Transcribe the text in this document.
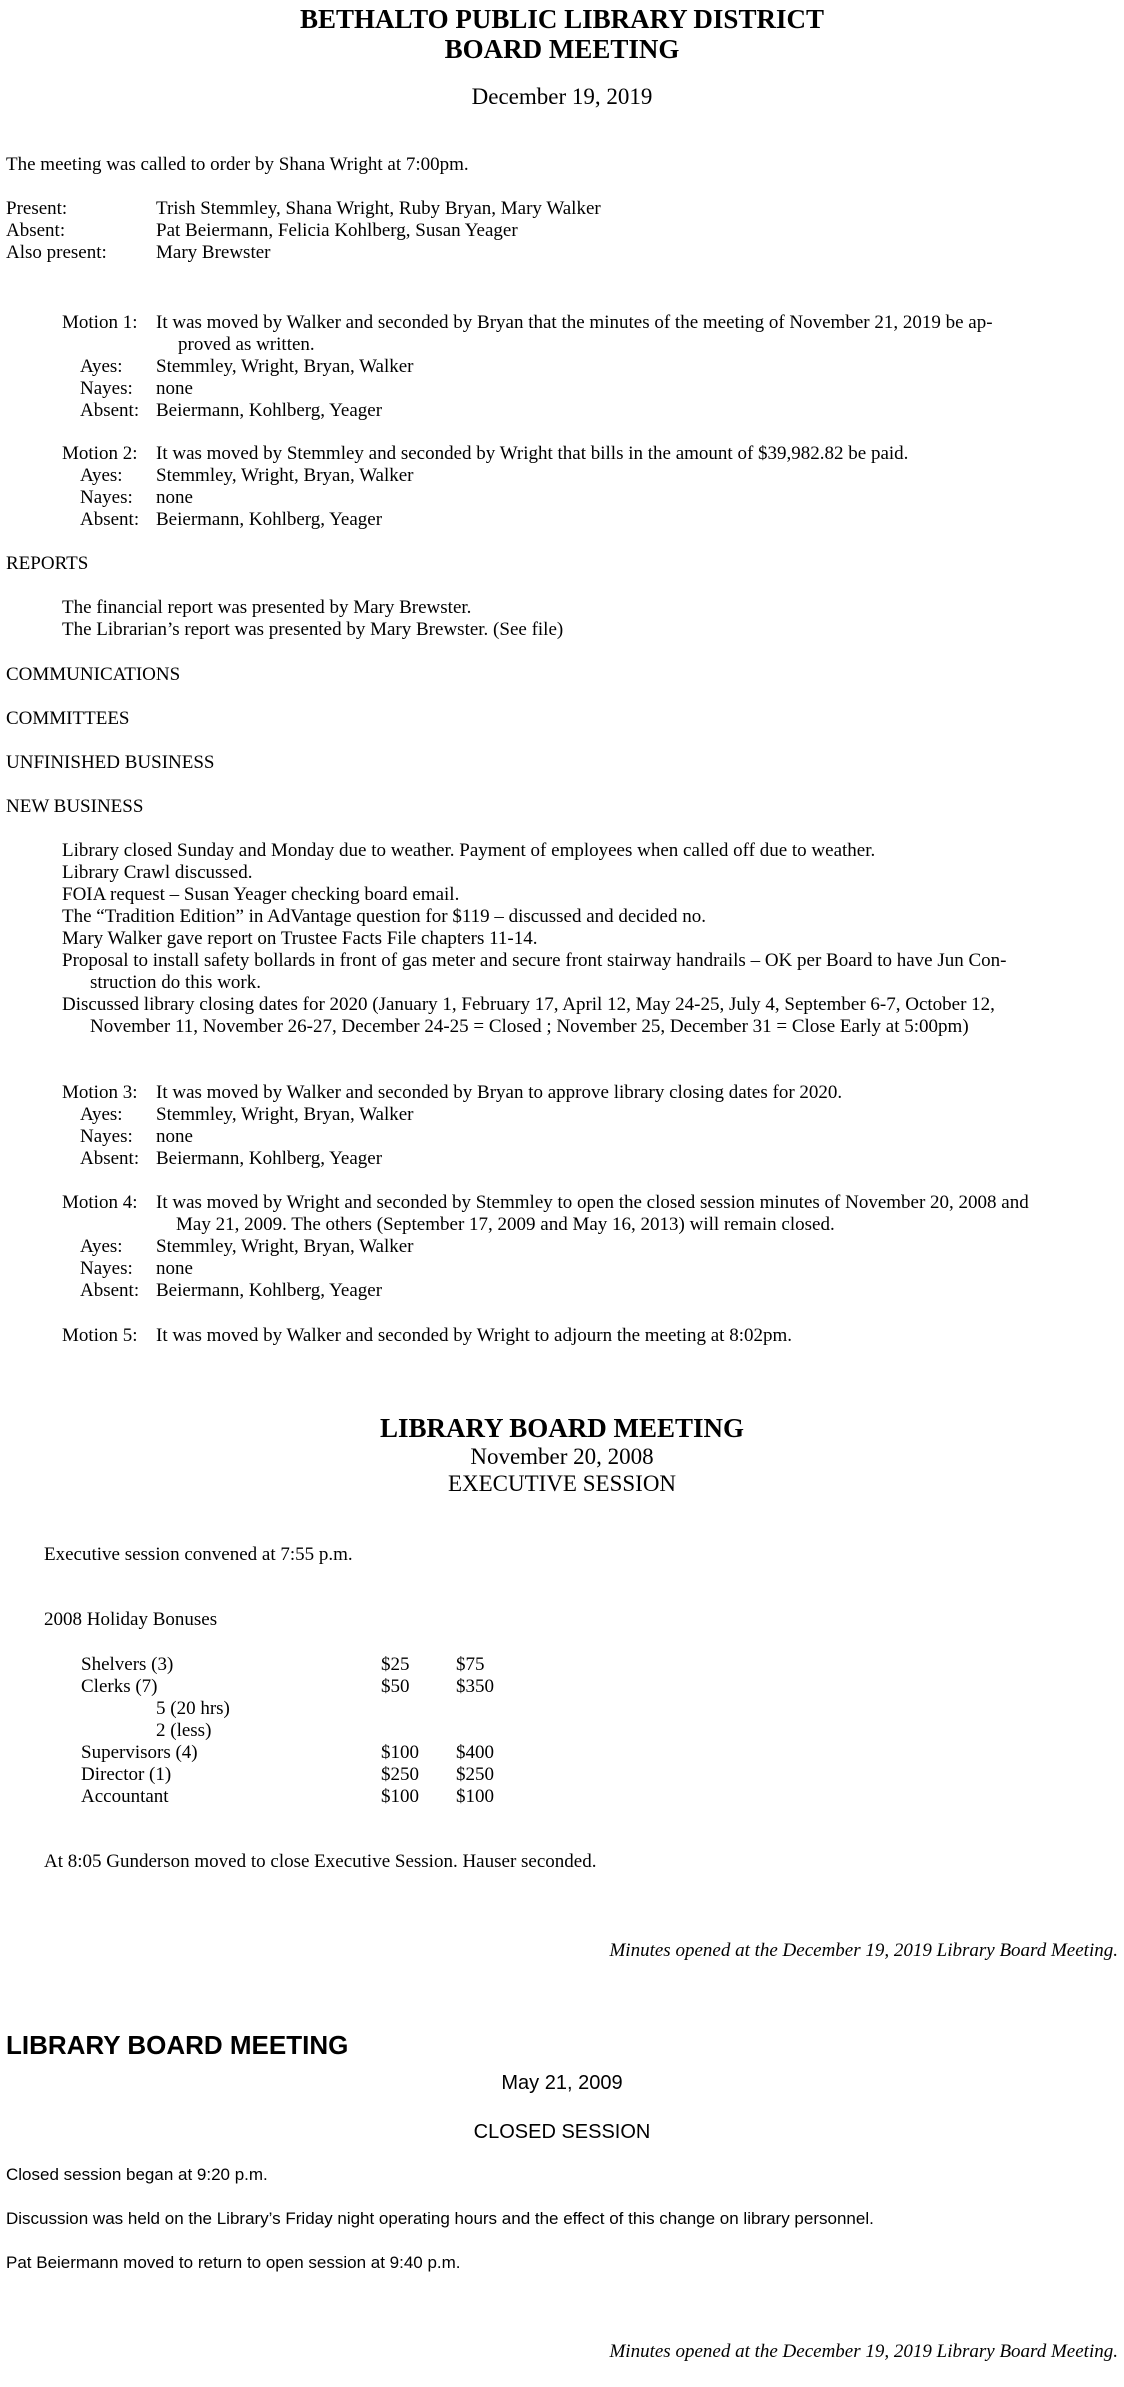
BETHALTO PUBLIC LIBRARY DISTRICT
BOARD MEETING
December 19, 2019
The meeting was called to order by Shana Wright at 7:00pm.
Present:	Trish Stemmley, Shana Wright, Ruby Bryan, Mary Walker
Absent:	Pat Beiermann, Felicia Kohlberg, Susan Yeager
Also present:	Mary Brewster
Motion 1: It was moved by Walker and seconded by Bryan that the minutes of the meeting of November 21, 2019 be ap-
proved as written.
Ayes: Stemmley, Wright, Bryan, Walker
Nayes: none
Absent: Beiermann, Kohlberg, Yeager
Motion 2: It was moved by Stemmley and seconded by Wright that bills in the amount of $39,982.82 be paid.
Ayes: Stemmley, Wright, Bryan, Walker
Nayes: none
Absent: Beiermann, Kohlberg, Yeager
REPORTS
The financial report was presented by Mary Brewster.
The Librarian’s report was presented by Mary Brewster. (See file)
COMMUNICATIONS
COMMITTEES
UNFINISHED BUSINESS
NEW BUSINESS
Library closed Sunday and Monday due to weather. Payment of employees when called off due to weather.
Library Crawl discussed.
FOIA request – Susan Yeager checking board email.
The “Tradition Edition” in AdVantage question for $119 – discussed and decided no.
Mary Walker gave report on Trustee Facts File chapters 11-14.
Proposal to install safety bollards in front of gas meter and secure front stairway handrails – OK per Board to have Jun Con-
struction do this work.
Discussed library closing dates for 2020 (January 1, February 17, April 12, May 24-25, July 4, September 6-7, October 12,
November 11, November 26-27, December 24-25 = Closed ; November 25, December 31 = Close Early at 5:00pm)
Motion 3: It was moved by Walker and seconded by Bryan to approve library closing dates for 2020.
Ayes: Stemmley, Wright, Bryan, Walker
Nayes: none
Absent: Beiermann, Kohlberg, Yeager
Motion 4: It was moved by Wright and seconded by Stemmley to open the closed session minutes of November 20, 2008 and
May 21, 2009. The others (September 17, 2009 and May 16, 2013) will remain closed.
Ayes: Stemmley, Wright, Bryan, Walker
Nayes: none
Absent: Beiermann, Kohlberg, Yeager
Motion 5: It was moved by Walker and seconded by Wright to adjourn the meeting at 8:02pm.
LIBRARY BOARD MEETING
November 20, 2008
EXECUTIVE SESSION
Executive session convened at 7:55 p.m.
2008 Holiday Bonuses
Shelvers (3)	$25 $75
Clerks (7)	$50 $350
5 (20 hrs)
2 (less)
Supervisors (4)	$100 $400
Director (1)	$250 $250
Accountant	$100 $100
At 8:05 Gunderson moved to close Executive Session. Hauser seconded.
Minutes opened at the December 19, 2019 Library Board Meeting.
LIBRARY BOARD MEETING
May 21, 2009
CLOSED SESSION
Closed session began at 9:20 p.m.
Discussion was held on the Library’s Friday night operating hours and the effect of this change on library personnel.
Pat Beiermann moved to return to open session at 9:40 p.m.
Minutes opened at the December 19, 2019 Library Board Meeting.
